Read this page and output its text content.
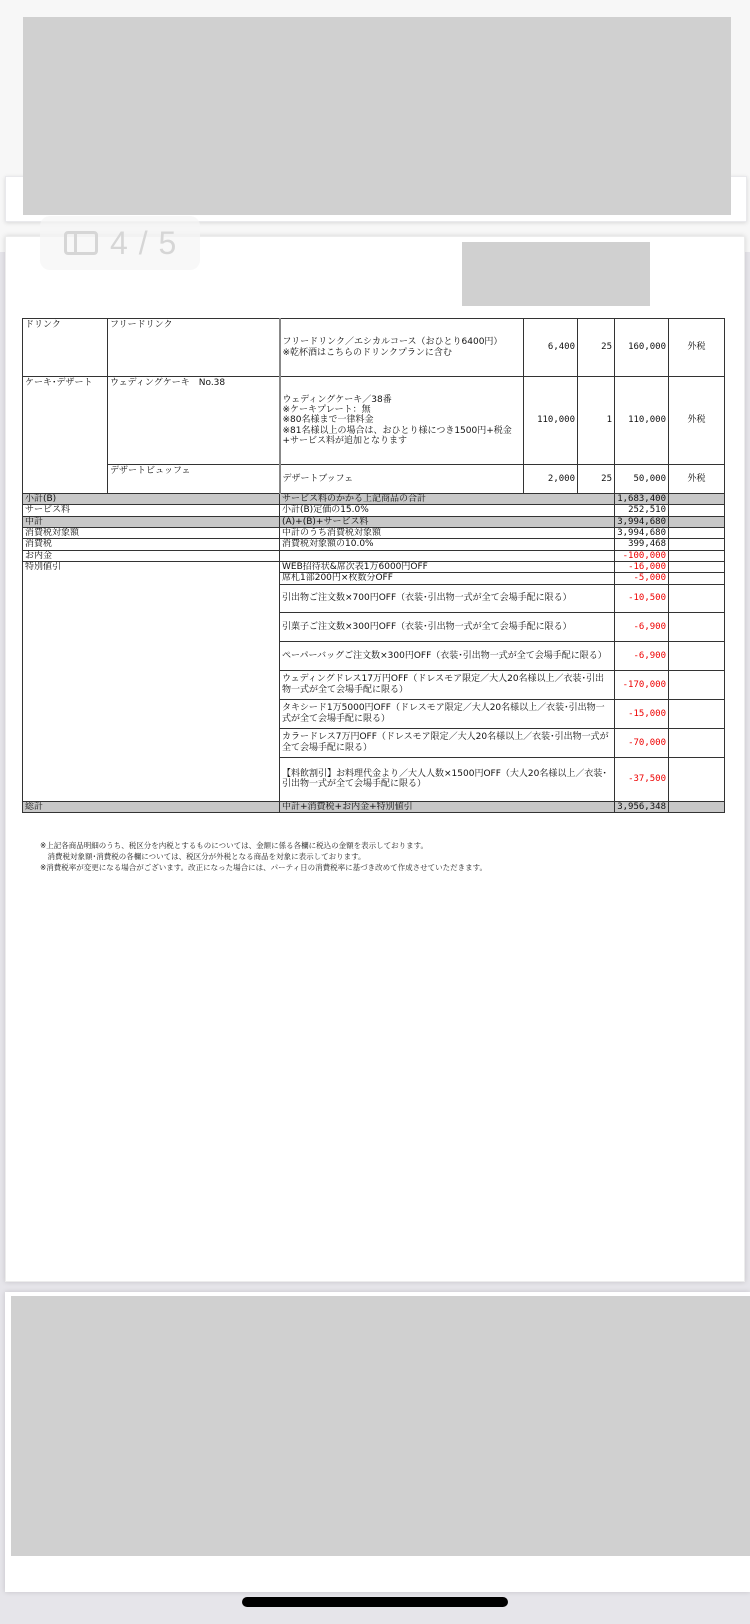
4 / 5
ドリンク	フリードリンク	フリードリンク／エシカルコース（おひとり6400円）
※乾杯酒はこちらのドリンクプランに含む	6,400	25	160,000	外税
ケーキ･デザート	ウェディングケーキ　No.38	ウェディングケーキ／38番
※ケーキプレート：無
※80名様まで一律料金
※81名様以上の場合は、おひとり様につき1500円+税金
+サービス料が追加となります	110,000	1	110,000	外税
	デザートビュッフェ	デザートブッフェ	2,000	25	50,000	外税
小計(B)		サービス料のかかる上記商品の合計			1,683,400	
サービス料		小計(B)定価の15.0%			252,510	
中計		(A)+(B)+サービス料			3,994,680	
消費税対象額		中計のうち消費税対象額			3,994,680	
消費税		消費税対象額の10.0%			399,468	
お内金					-100,000	
特別値引		WEB招待状&席次表1万6000円OFF			-16,000	
		席札1部200円×枚数分OFF			-5,000	
		引出物ご注文数×700円OFF（衣装･引出物一式が全て会場手配に限る）			-10,500	
		引菓子ご注文数×300円OFF（衣装･引出物一式が全て会場手配に限る）			-6,900	
		ペーパーバッグご注文数×300円OFF（衣装･引出物一式が全て会場手配に限る）			-6,900	
		ウェディングドレス17万円OFF（ドレスモア限定／大人20名様以上／衣装･引出物一式が全て会場手配に限る）			-170,000	
		タキシード1万5000円OFF（ドレスモア限定／大人20名様以上／衣装･引出物一式が全て会場手配に限る）			-15,000	
		カラードレス7万円OFF（ドレスモア限定／大人20名様以上／衣装･引出物一式が全て会場手配に限る）			-70,000	
		【料飲割引】お料理代金より／大人人数×1500円OFF（大人20名様以上／衣装･引出物一式が全て会場手配に限る）			-37,500	
総計		中計+消費税+お内金+特別値引			3,956,348	
※上記各商品明細のうち、税区分を内税とするものについては、金額に係る各欄に税込の金額を表示しております。
　消費税対象額･消費税の各欄については、税区分が外税となる商品を対象に表示しております。
※消費税率が変更になる場合がございます。改正になった場合には、パーティ日の消費税率に基づき改めて作成させていただきます。
